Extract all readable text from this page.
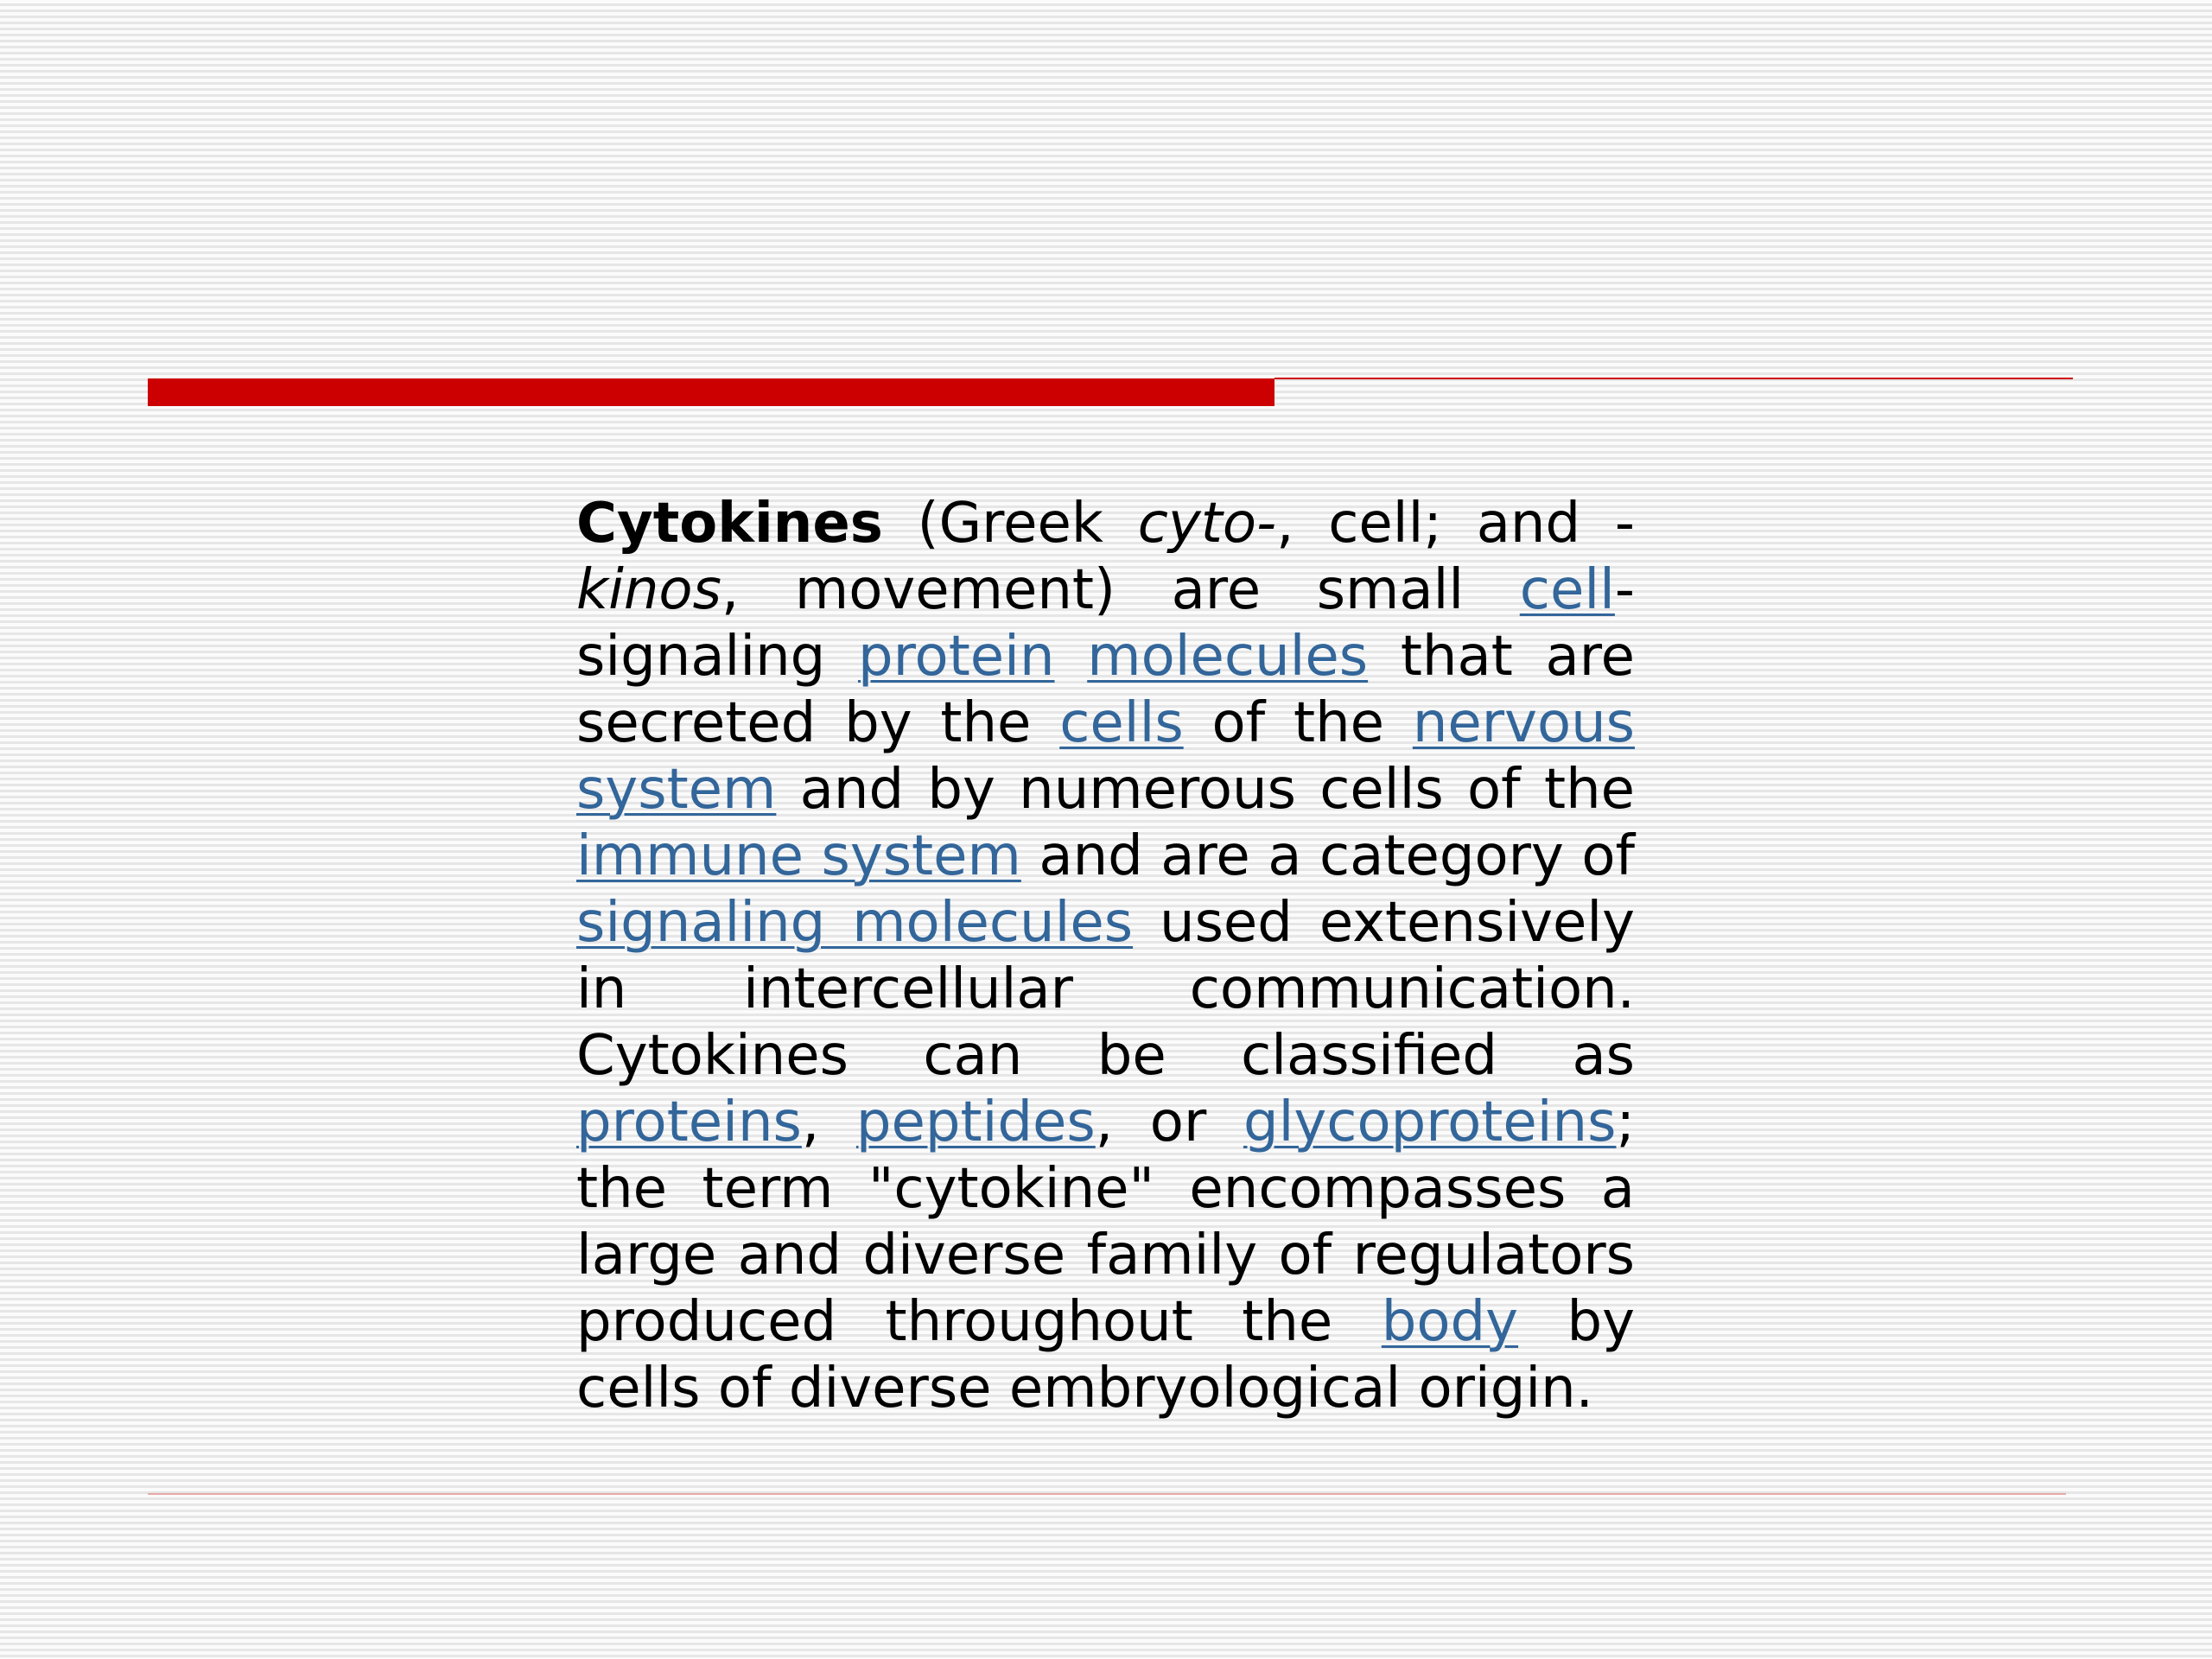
Cytokines (Greek cyto-, cell; and -kinos, movement) are small cell-signaling protein molecules that are secreted by the cells of the nervous system and by numerous cells of the immune system and are a category of signaling molecules used extensively in intercellular communication. Cytokines can be classified as proteins, peptides, or glycoproteins; the term "cytokine" encompasses a large and diverse family of regulators produced throughout the body by cells of diverse embryological origin.
